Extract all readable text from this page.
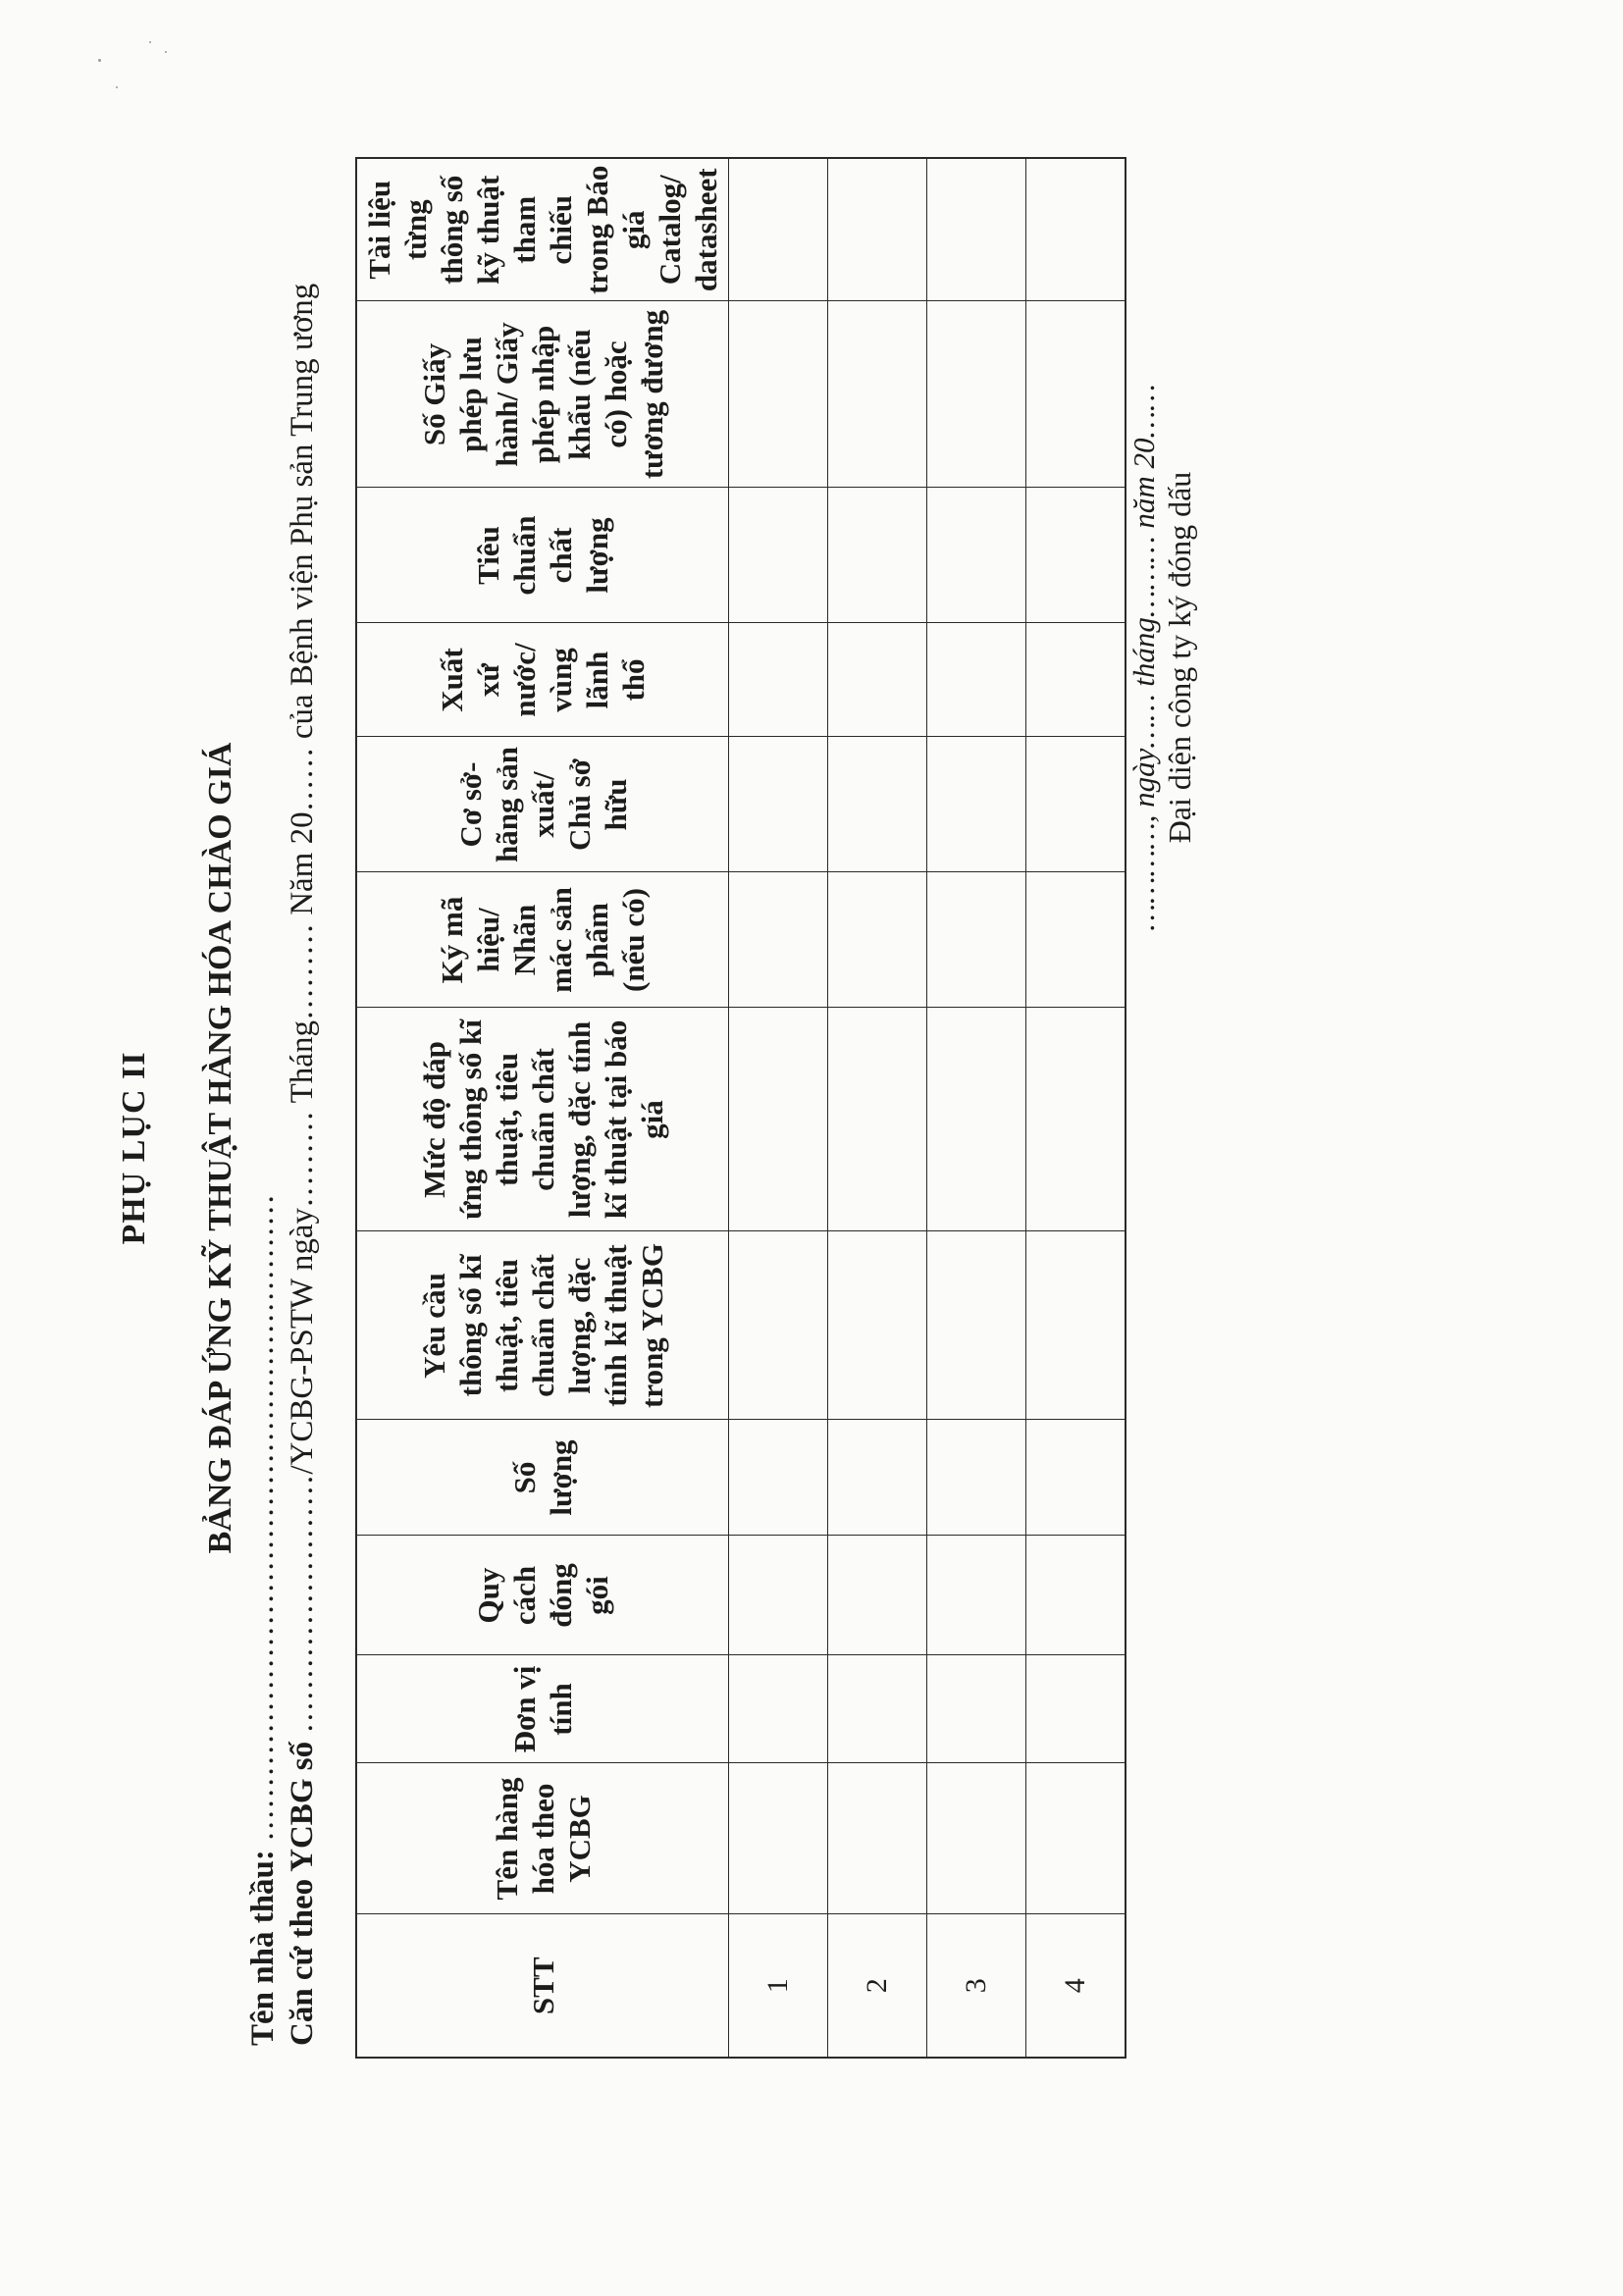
PHỤ LỤC II BẢNG ĐÁP ỨNG KỸ THUẬT HÀNG HÓA CHÀO GIÁ
Tên nhà thầu: ……………………………………………………
Căn cứ theo YCBG số ……………………/YCBG-PSTW ngày……… Tháng……… Năm 20…… của Bệnh viện Phụ sản Trung ương
STT	Tên hàng hóa theo YCBG	Đơn vị tính	Quy cách đóng gói	Số lượng	Yêu cầu thông số kĩ thuật, tiêu chuẩn chất lượng, đặc tính kĩ thuật trong YCBG	Mức độ đáp ứng thông số kĩ thuật, tiêu chuẩn chất lượng, đặc tính kĩ thuật tại báo giá	Ký mã hiệu/ Nhãn mác sản phẩm (nếu có)	Cơ sở- hãng sản xuất/ Chủ sở hữu	Xuất xứ nước/ vùng lãnh thổ	Tiêu chuẩn chất lượng	Số Giấy phép lưu hành/ Giấy phép nhập khẩu (nếu có) hoặc tương đương	Tài liệu từng thông số kỹ thuật tham chiếu trong Báo giá Catalog/ datasheet
1												
2												
3												
4												
…………, ngày…… tháng……… năm 20…… Đại diện công ty ký đóng dấu
